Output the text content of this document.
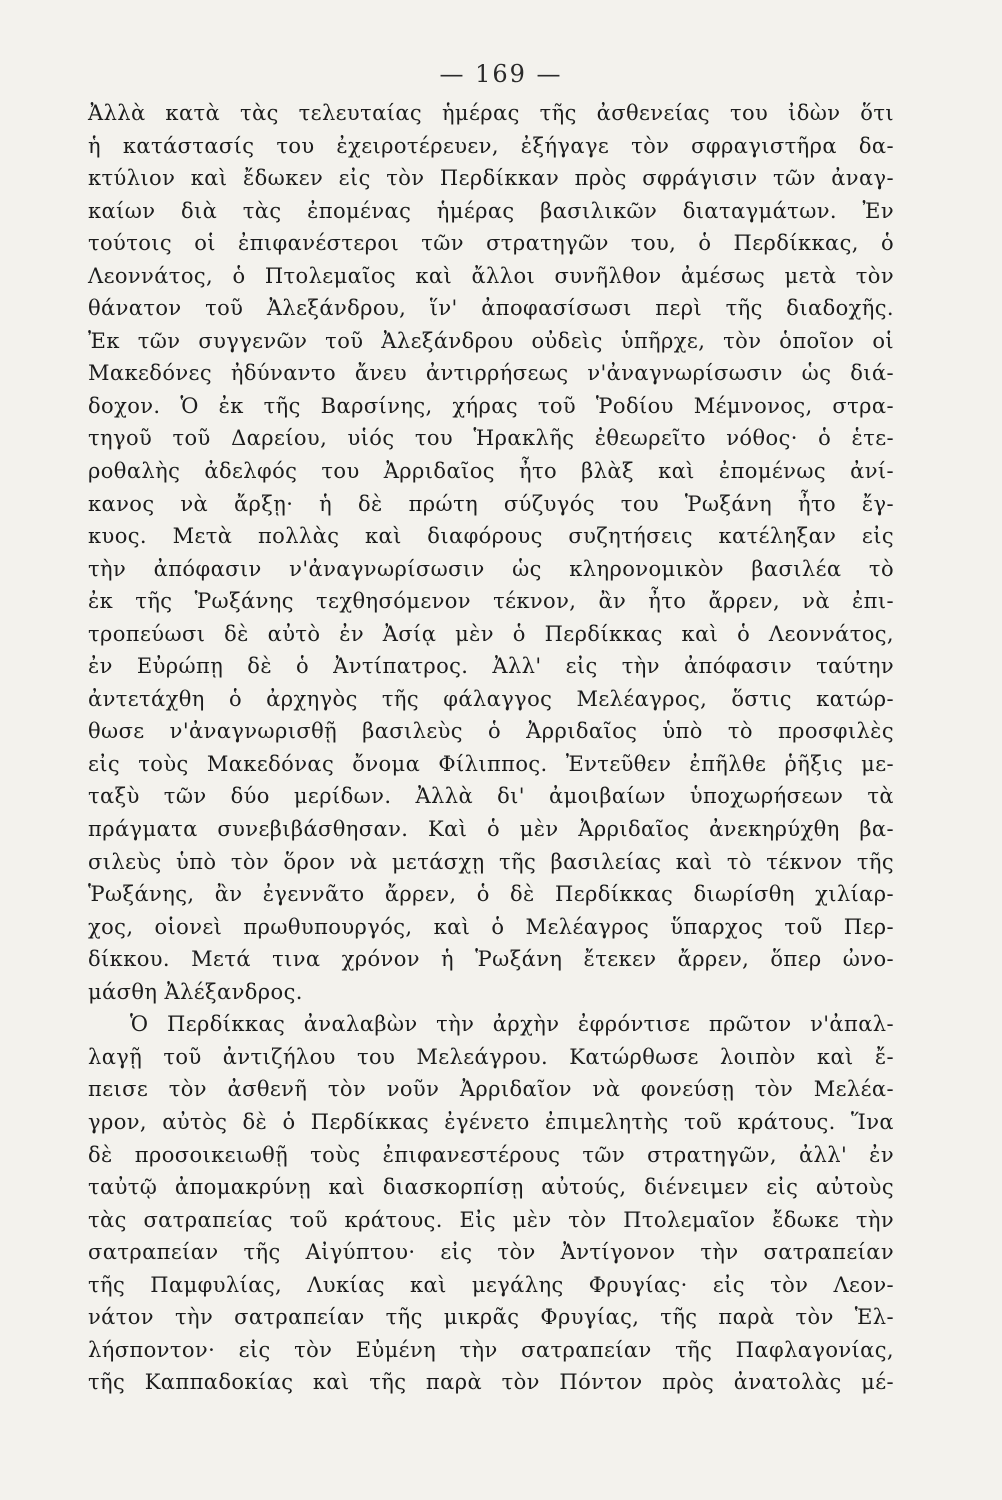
— 169 —
Ἀλλὰ κατὰ τὰς τελευταίας ἡμέρας τῆς ἀσθενείας του ἰδὼν ὅτι
ἡ κατάστασίς του ἐχειροτέρευεν, ἐξήγαγε τὸν σφραγιστῆρα δα-
κτύλιον καὶ ἔδωκεν εἰς τὸν Περδίκκαν πρὸς σφράγισιν τῶν ἀναγ-
καίων διὰ τὰς ἐπομένας ἡμέρας βασιλικῶν διαταγμάτων. Ἐν
τούτοις οἱ ἐπιφανέστεροι τῶν στρατηγῶν του, ὁ Περδίκκας, ὁ
Λεοννάτος, ὁ Πτολεμαῖος καὶ ἄλλοι συνῆλθον ἀμέσως μετὰ τὸν
θάνατον τοῦ Ἀλεξάνδρου, ἵν' ἀποφασίσωσι περὶ τῆς διαδοχῆς.
Ἐκ τῶν συγγενῶν τοῦ Ἀλεξάνδρου οὐδεὶς ὑπῆρχε, τὸν ὁποῖον οἱ
Μακεδόνες ἠδύναντο ἄνευ ἀντιρρήσεως ν'ἀναγνωρίσωσιν ὡς διά-
δοχον. Ὁ ἐκ τῆς Βαρσίνης, χήρας τοῦ Ῥοδίου Μέμνονος, στρα-
τηγοῦ τοῦ Δαρείου, υἱός του Ἡρακλῆς ἐθεωρεῖτο νόθος· ὁ ἑτε-
ροθαλὴς ἀδελφός του Ἀρριδαῖος ἦτο βλὰξ καὶ ἐπομένως ἀνί-
κανος νὰ ἄρξῃ· ἡ δὲ πρώτη σύζυγός του Ῥωξάνη ἦτο ἔγ-
κυος. Μετὰ πολλὰς καὶ διαφόρους συζητήσεις κατέληξαν εἰς
τὴν ἀπόφασιν ν'ἀναγνωρίσωσιν ὡς κληρονομικὸν βασιλέα τὸ
ἐκ τῆς Ῥωξάνης τεχθησόμενον τέκνον, ἂν ἦτο ἄρρεν, νὰ ἐπι-
τροπεύωσι δὲ αὐτὸ ἐν Ἀσίᾳ μὲν ὁ Περδίκκας καὶ ὁ Λεοννάτος,
ἐν Εὐρώπῃ δὲ ὁ Ἀντίπατρος. Ἀλλ' εἰς τὴν ἀπόφασιν ταύτην
ἀντετάχθη ὁ ἀρχηγὸς τῆς φάλαγγος Μελέαγρος, ὅστις κατώρ-
θωσε ν'ἀναγνωρισθῇ βασιλεὺς ὁ Ἀρριδαῖος ὑπὸ τὸ προσφιλὲς
εἰς τοὺς Μακεδόνας ὄνομα Φίλιππος. Ἐντεῦθεν ἐπῆλθε ῥῆξις με-
ταξὺ τῶν δύο μερίδων. Ἀλλὰ δι' ἀμοιβαίων ὑποχωρήσεων τὰ
πράγματα συνεβιβάσθησαν. Καὶ ὁ μὲν Ἀρριδαῖος ἀνεκηρύχθη βα-
σιλεὺς ὑπὸ τὸν ὅρον νὰ μετάσχῃ τῆς βασιλείας καὶ τὸ τέκνον τῆς
Ῥωξάνης, ἂν ἐγεννᾶτο ἄρρεν, ὁ δὲ Περδίκκας διωρίσθη χιλίαρ-
χος, οἱονεὶ πρωθυπουργός, καὶ ὁ Μελέαγρος ὕπαρχος τοῦ Περ-
δίκκου. Μετά τινα χρόνον ἡ Ῥωξάνη ἔτεκεν ἄρρεν, ὅπερ ὠνο-
μάσθη Ἀλέξανδρος.
Ὁ Περδίκκας ἀναλαβὼν τὴν ἀρχὴν ἐφρόντισε πρῶτον ν'ἀπαλ-
λαγῇ τοῦ ἀντιζήλου του Μελεάγρου. Κατώρθωσε λοιπὸν καὶ ἔ-
πεισε τὸν ἀσθενῆ τὸν νοῦν Ἀρριδαῖον νὰ φονεύσῃ τὸν Μελέα-
γρον, αὐτὸς δὲ ὁ Περδίκκας ἐγένετο ἐπιμελητὴς τοῦ κράτους. Ἵνα
δὲ προσοικειωθῇ τοὺς ἐπιφανεστέρους τῶν στρατηγῶν, ἀλλ' ἐν
ταὐτῷ ἀπομακρύνῃ καὶ διασκορπίσῃ αὐτούς, διένειμεν εἰς αὐτοὺς
τὰς σατραπείας τοῦ κράτους. Εἰς μὲν τὸν Πτολεμαῖον ἔδωκε τὴν
σατραπείαν τῆς Αἰγύπτου· εἰς τὸν Ἀντίγονον τὴν σατραπείαν
τῆς Παμφυλίας, Λυκίας καὶ μεγάλης Φρυγίας· εἰς τὸν Λεον-
νάτον τὴν σατραπείαν τῆς μικρᾶς Φρυγίας, τῆς παρὰ τὸν Ἑλ-
λήσποντον· εἰς τὸν Εὐμένη τὴν σατραπείαν τῆς Παφλαγονίας,
τῆς Καππαδοκίας καὶ τῆς παρὰ τὸν Πόντον πρὸς ἀνατολὰς μέ-
